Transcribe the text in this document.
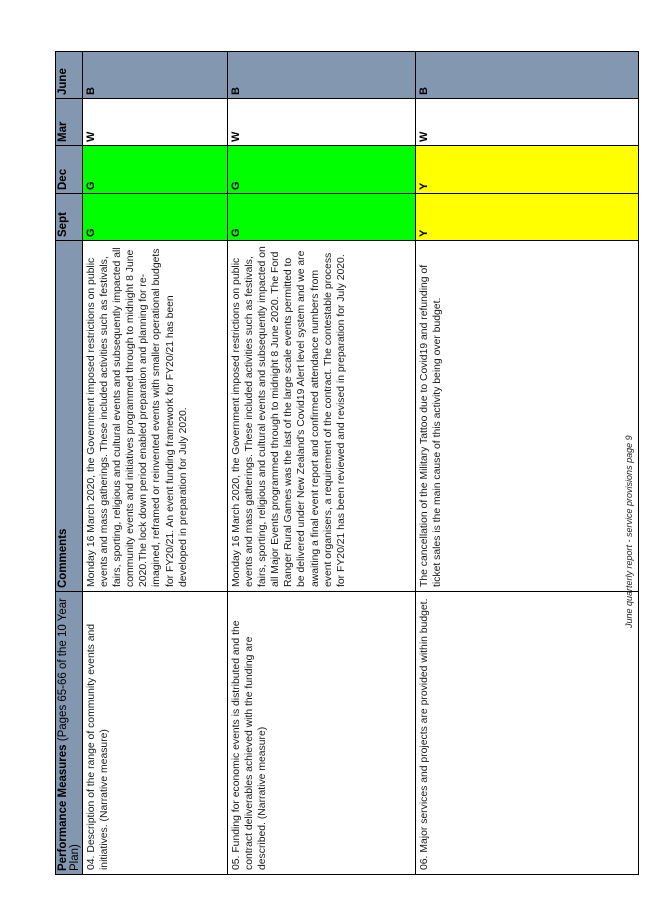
Performance Measures (Pages 65-66 of the 10 Year Plan)	Comments	Sept	Dec	Mar	June
04. Description of the range of community events and initiatives. (Narrative measure)	Monday 16 March 2020, the Government imposed restrictions on public events and mass gatherings. These included activities such as festivals, fairs, sporting, religious and cultural events and subsequently impacted all community events and initiatives programmed through to midnight 8 June 2020.The lock down period enabled preparation and planning for re-imagined, reframed or reinvented events with smaller operational budgets for FY20/21. An event funding framework for FY20/21 has been developed in preparation for July 2020.	G	G	W	B
05. Funding for economic events is distributed and the contract deliverables achieved with the funding are described. (Narrative measure)	Monday 16 March 2020, the Government imposed restrictions on public events and mass gatherings. These included activities such as festivals, fairs, sporting, religious and cultural events and subsequently impacted on all Major Events programmed through to midnight 8 June 2020. The Ford Ranger Rural Games was the last of the large scale events permitted to be delivered under New Zealand's Covid19 Alert level system and we are awaiting a final event report and confirmed attendance numbers from event organisers, a requirement of the contract. The contestable process for FY20/21 has been reviewed and revised in preparation for July 2020.	G	G	W	B
06. Major services and projects are provided within budget.	The cancellation of the Military Tattoo due to Covid19 and refunding of ticket sales is the main cause of this activity being over budget.	Y	Y	W	B
June quarterly report - service provisions page 9
